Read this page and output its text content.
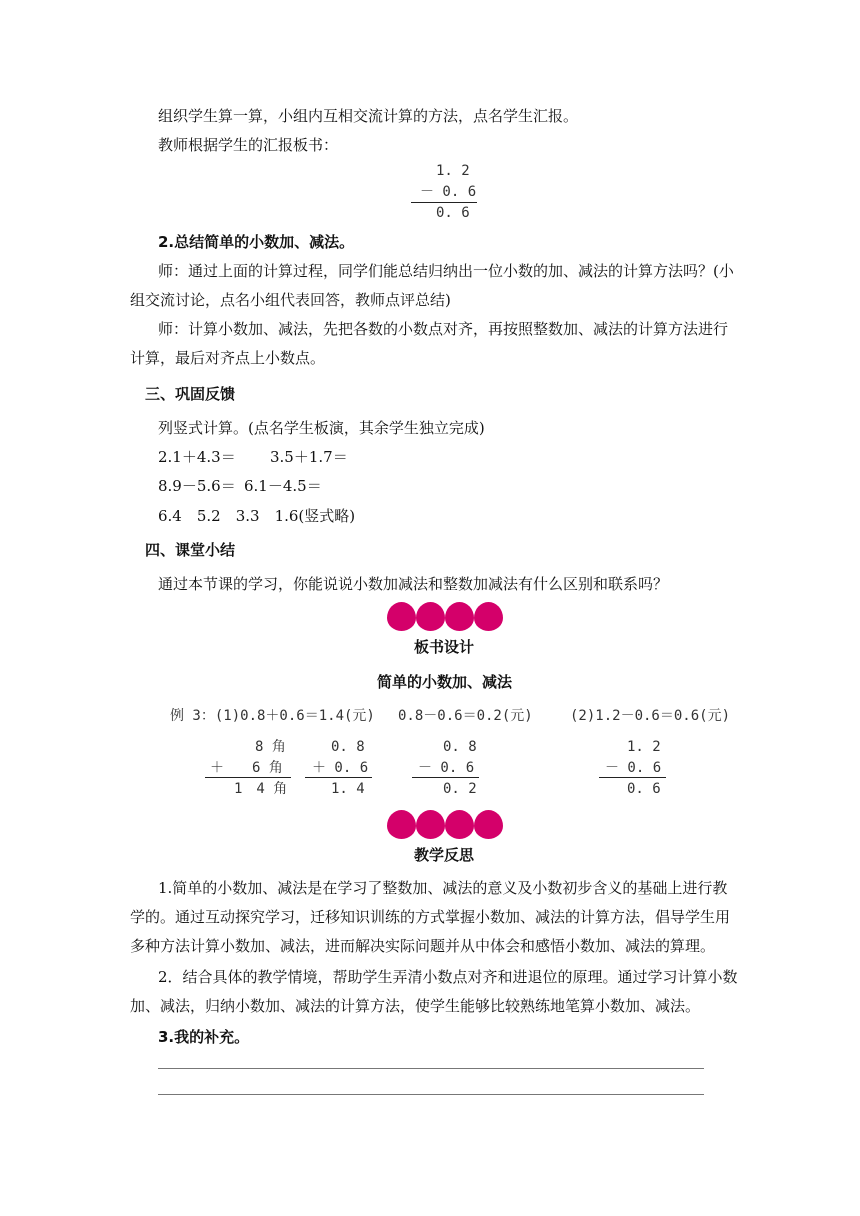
组织学生算一算，小组内互相交流计算的方法，点名学生汇报。
教师根据学生的汇报板书：
1. 2
－ 0. 6
0. 6
2.总结简单的小数加、减法。
师：通过上面的计算过程，同学们能总结归纳出一位小数的加、减法的计算方法吗？(小
组交流讨论，点名小组代表回答，教师点评总结)
师：计算小数加、减法，先把各数的小数点对齐，再按照整数加、减法的计算方法进行
计算，最后对齐点上小数点。
三、巩固反馈
列竖式计算。(点名学生板演，其余学生独立完成)
2.1＋4.3＝ 3.5＋1.7＝
8.9－5.6＝ 6.1－4.5＝
6.4　5.2　3.3　1.6(竖式略)
四、课堂小结
通过本节课的学习，你能说说小数加减法和整数加减法有什么区别和联系吗？
板书设计
简单的小数加、减法
例 3：(1)0.8＋0.6＝1.4(元) 0.8－0.6＝0.2(元)	(2)1.2－0.6＝0.6(元)
8 角
＋　　6 角
1　4 角
0. 8
＋ 0. 6
1. 4
0. 8
－ 0. 6
0. 2
1. 2
－ 0. 6
0. 6
教学反思
1.简单的小数加、减法是在学习了整数加、减法的意义及小数初步含义的基础上进行教
学的。通过互动探究学习，迁移知识训练的方式掌握小数加、减法的计算方法，倡导学生用
多种方法计算小数加、减法，进而解决实际问题并从中体会和感悟小数加、减法的算理。
2．结合具体的教学情境，帮助学生弄清小数点对齐和进退位的原理。通过学习计算小数
加、减法，归纳小数加、减法的计算方法，使学生能够比较熟练地笔算小数加、减法。
3.我的补充。
